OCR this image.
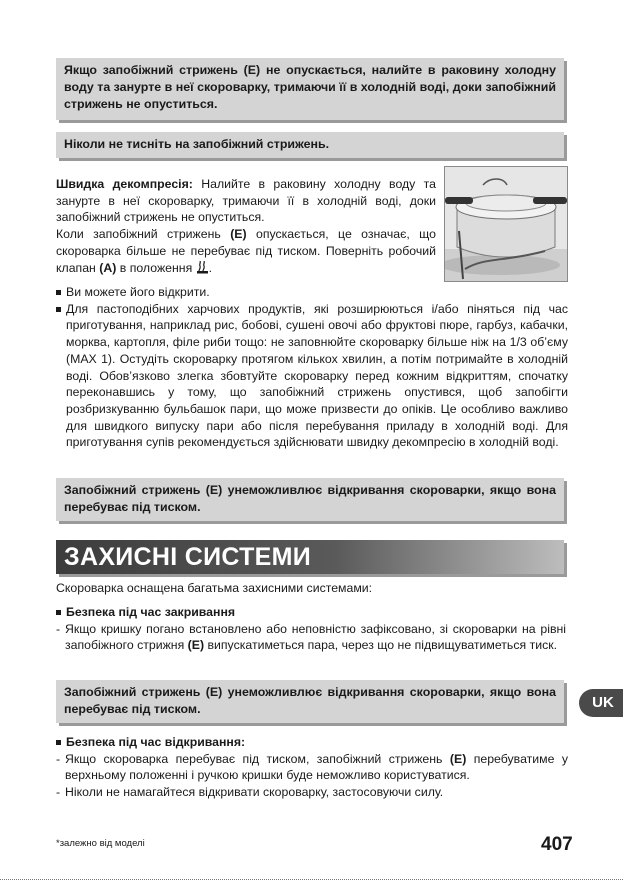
Якщо запобіжний стрижень (E) не опускається, налийте в раковину холодну воду та занурте в неї скороварку, тримаючи її в холодній воді, доки запобіжний стрижень не опуститься.
Ніколи не тисніть на запобіжний стрижень.
Швидка декомпресія: Налийте в раковину холодну воду та занурте в неї скороварку, тримаючи її в холодній воді, доки запобіжний стрижень не опуститься.
Коли запобіжний стрижень (E) опускається, це означає, що скороварка більше не перебуває під тиском. Поверніть робочий клапан (A) в положення .
Ви можете його відкрити.
Для пастоподібних харчових продуктів, які розширюються і/або піняться під час приготування, наприклад рис, бобові, сушені овочі або фруктові пюре, гарбуз, кабачки, морква, картопля, філе риби тощо: не заповнюйте скороварку більше ніж на 1/3 об’єму (MAX 1). Остудіть скороварку протягом кількох хвилин, а потім потримайте в холодній воді. Обов’язково злегка збовтуйте скороварку перед кожним відкриттям, спочатку переконавшись у тому, що запобіжний стрижень опустився, щоб запобігти розбризкуванню бульбашок пари, що може призвести до опіків. Це особливо важливо для швидкого випуску пари або після перебування приладу в холодній воді. Для приготування супів рекомендується здійснювати швидку декомпресію в холодній воді.
Запобіжний стрижень (E) унеможливлює відкривання скороварки, якщо вона перебуває під тиском.
ЗАХИСНІ СИСТЕМИ
Скороварка оснащена багатьма захисними системами:
Безпека під час закривання
- Якщо кришку погано встановлено або неповністю зафіксовано, зі скороварки на рівні запобіжного стрижня (E) випускатиметься пара, через що не підвищуватиметься тиск.
Запобіжний стрижень (E) унеможливлює відкривання скороварки, якщо вона перебуває під тиском.	UK
Безпека під час відкривання:
- Якщо скороварка перебуває під тиском, запобіжний стрижень (E) перебуватиме у верхньому положенні і ручкою кришки буде неможливо користуватися.
- Ніколи не намагайтеся відкривати скороварку, застосовуючи силу.
*залежно від моделі	407
